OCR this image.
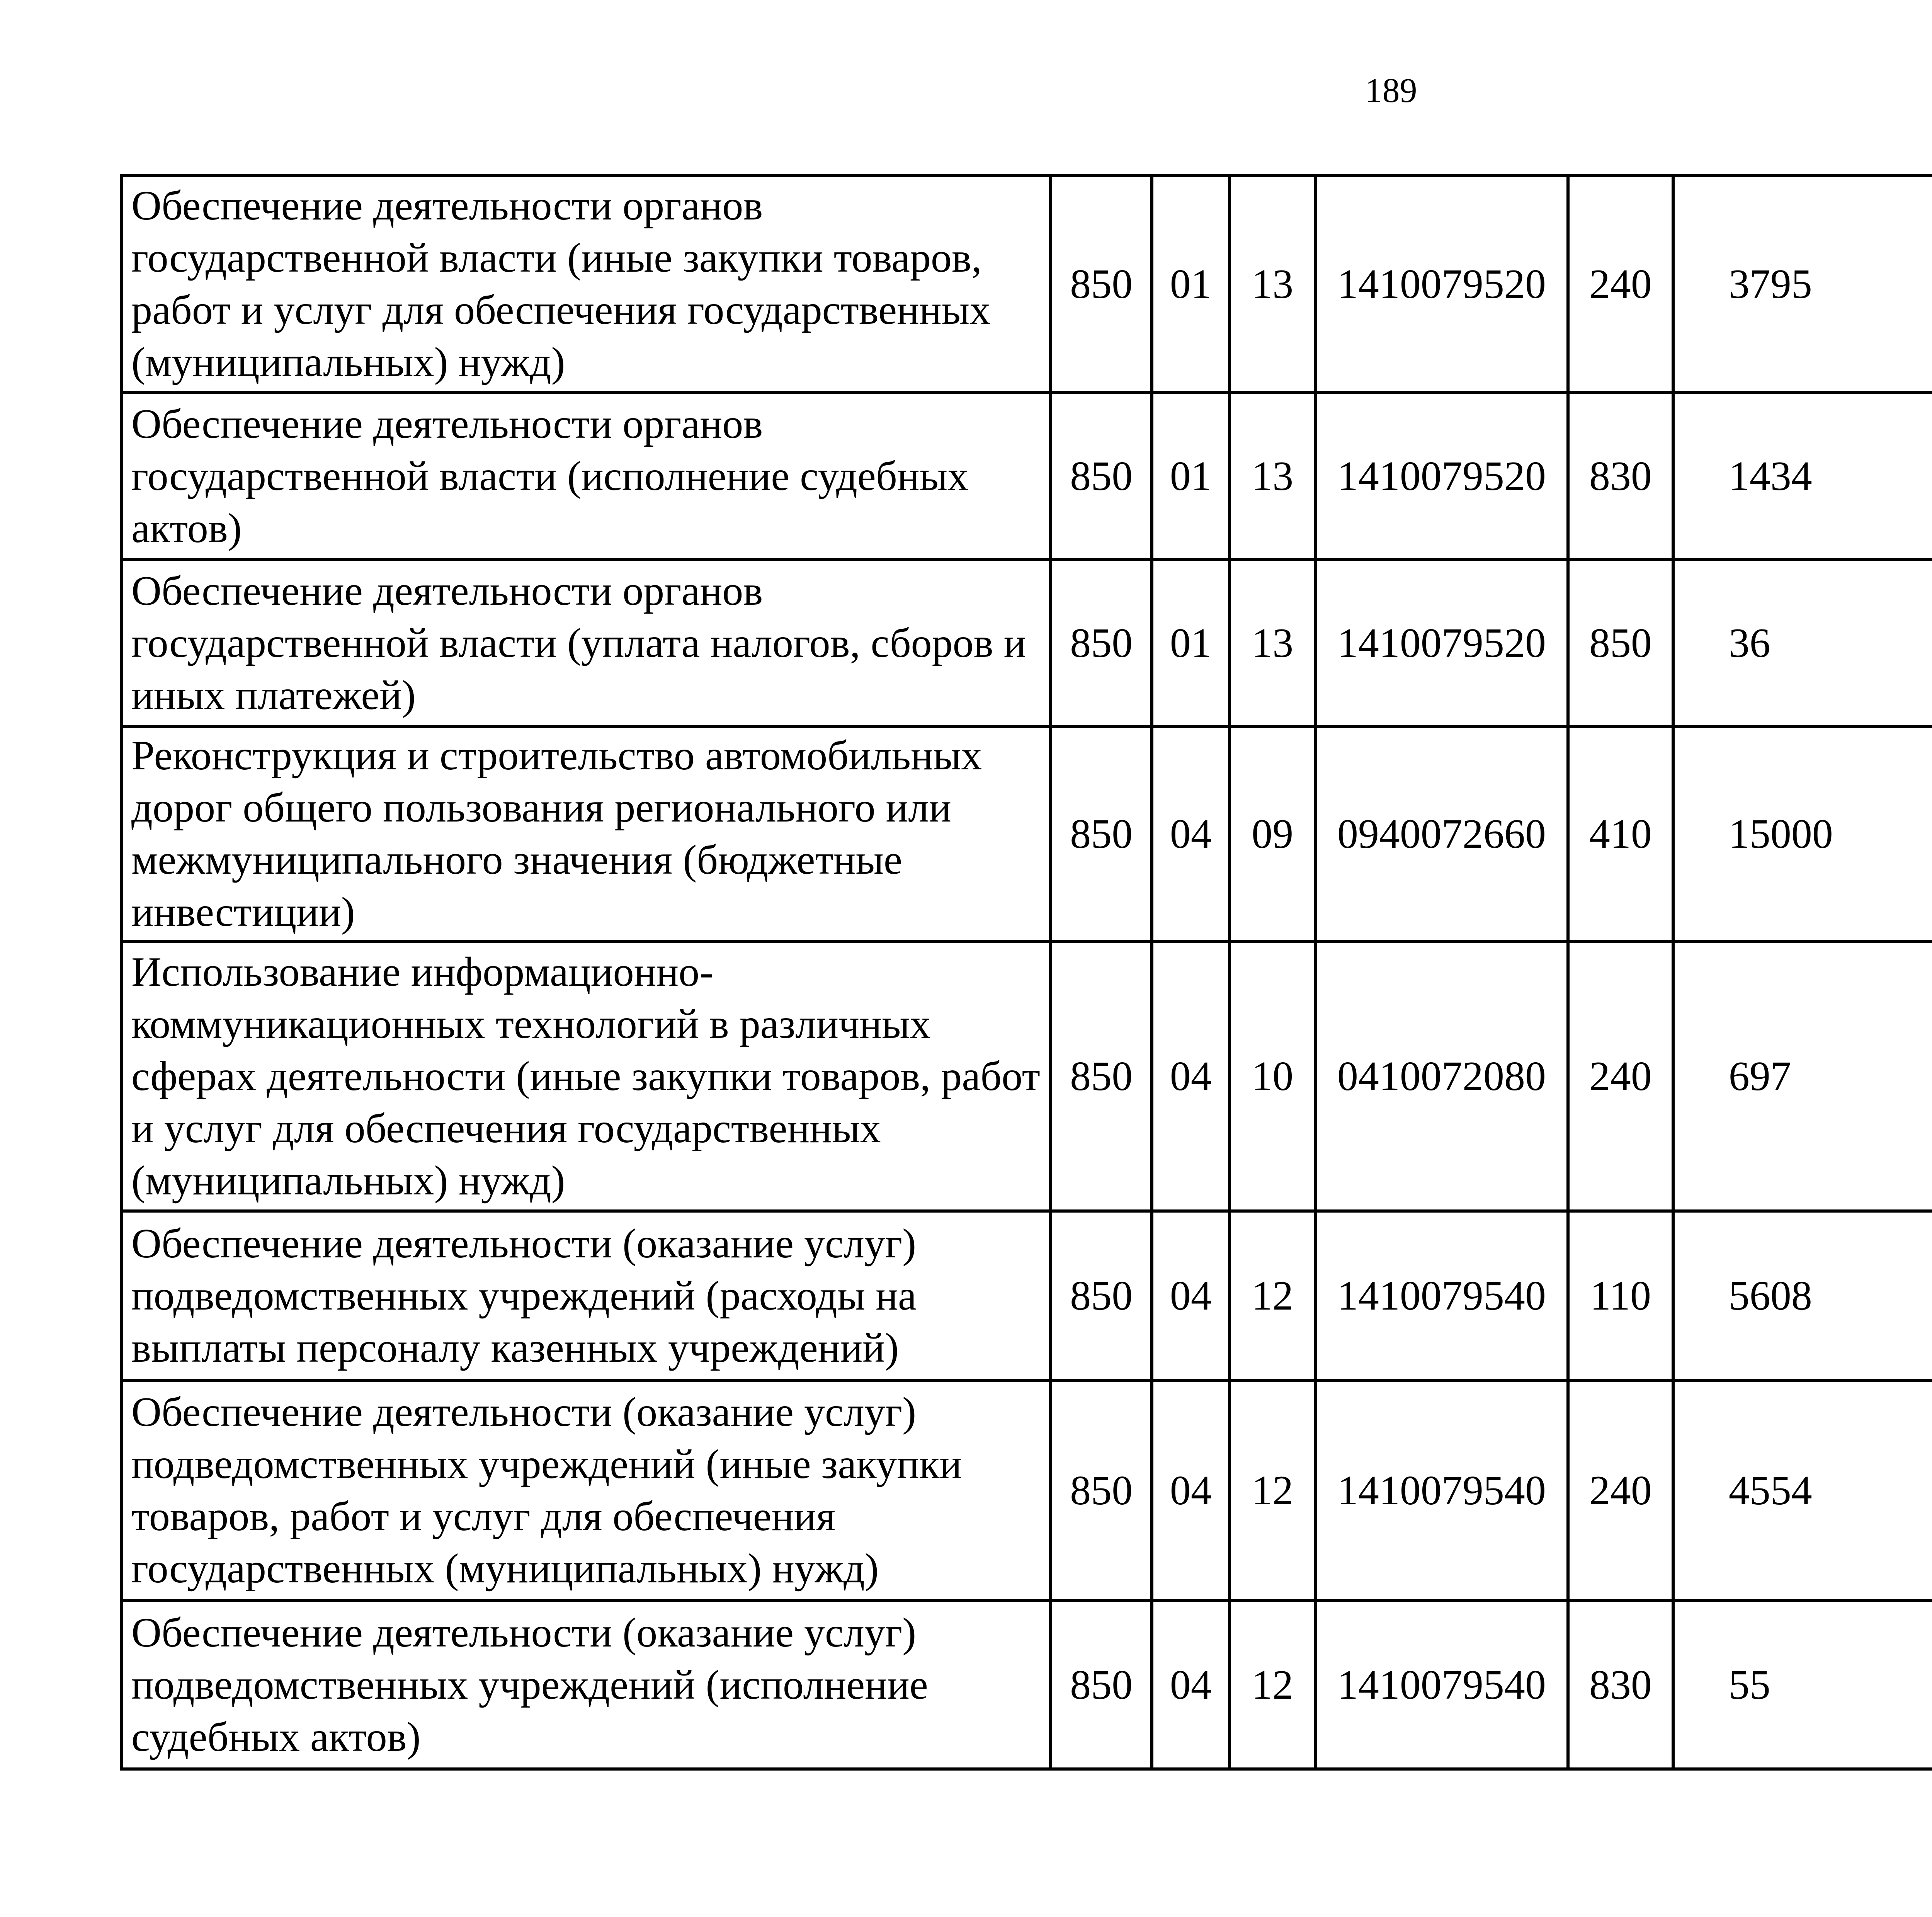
189
Обеспечение деятельности органов государственной власти (иные закупки товаров, работ и услуг для обеспечения государственных (муниципальных) нужд)	850	01	13	1410079520	240	3795		
Обеспечение деятельности органов государственной власти (исполнение судебных актов)	850	01	13	1410079520	830	1434		
Обеспечение деятельности органов государственной власти (уплата налогов, сборов и иных платежей)	850	01	13	1410079520	850	36		
Реконструкция и строительство автомобильных дорог общего пользования регионального или межмуниципального значения (бюджетные инвестиции)	850	04	09	0940072660	410	15000		
Использование информационно-коммуникационных технологий в различных сферах деятельности (иные закупки товаров, работ и услуг для обеспечения государственных (муниципальных) нужд)	850	04	10	0410072080	240	697		
Обеспечение деятельности (оказание услуг) подведомственных учреждений (расходы на выплаты персоналу казенных учреждений)	850	04	12	1410079540	110	5608		
Обеспечение деятельности (оказание услуг) подведомственных учреждений (иные закупки товаров, работ и услуг для обеспечения государственных (муниципальных) нужд)	850	04	12	1410079540	240	4554		
Обеспечение деятельности (оказание услуг) подведомственных учреждений (исполнение судебных актов)	850	04	12	1410079540	830	55		
